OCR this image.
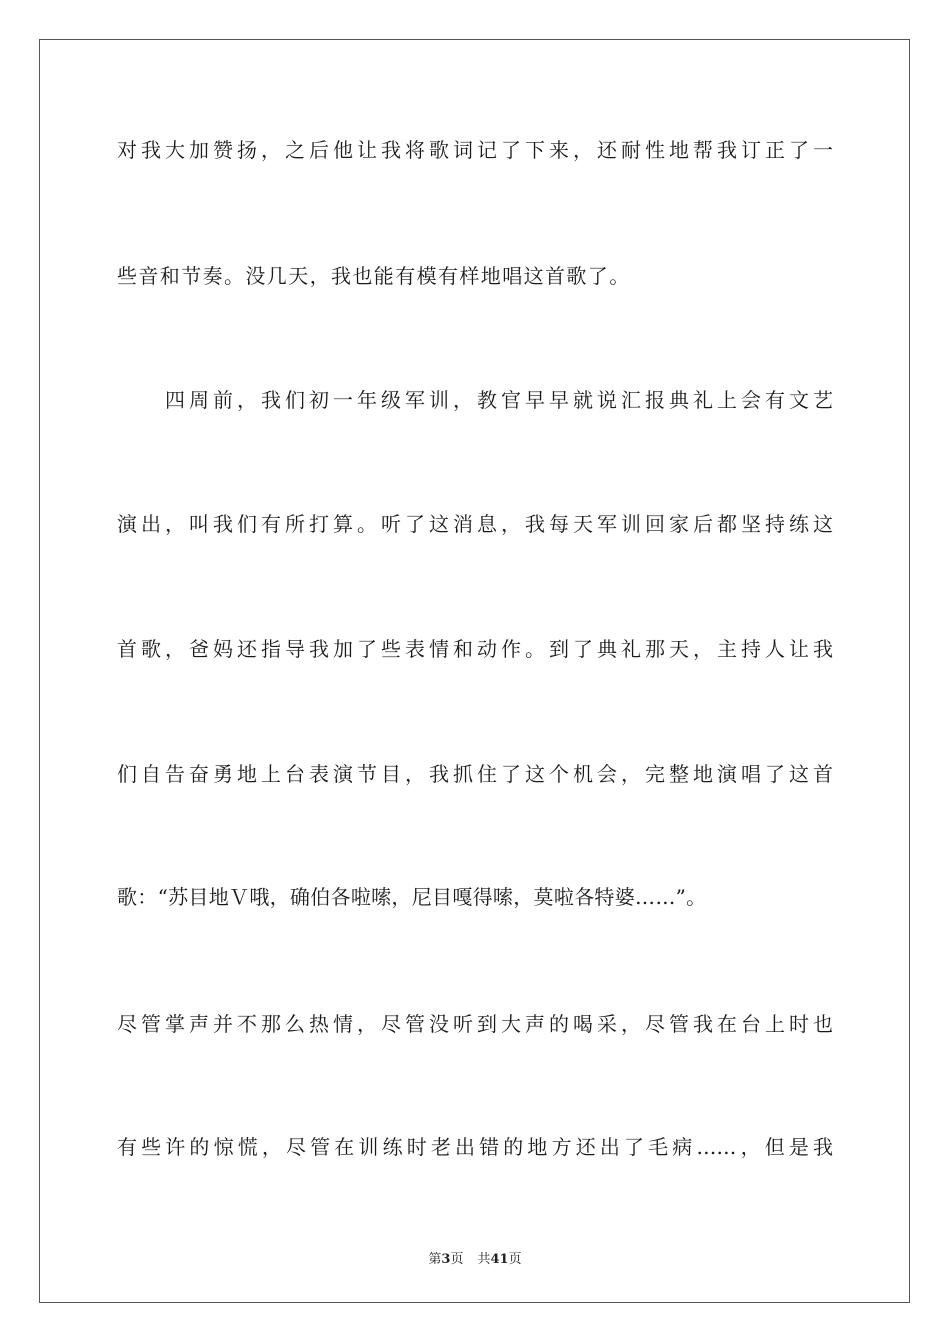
对我大加赞扬，之后他让我将歌词记了下来，还耐性地帮我订正了一
些音和节奏。没几天，我也能有模有样地唱这首歌了。
四周前，我们初一年级军训，教官早早就说汇报典礼上会有文艺
演出，叫我们有所打算。听了这消息，我每天军训回家后都坚持练这
首歌，爸妈还指导我加了些表情和动作。到了典礼那天，主持人让我
们自告奋勇地上台表演节目，我抓住了这个机会，完整地演唱了这首
歌：“苏目地Ｖ哦，确伯各啦嗦，尼目嘎得嗦，莫啦各特婆……”。
尽管掌声并不那么热情，尽管没听到大声的喝采，尽管我在台上时也
有些许的惊慌，尽管在训练时老出错的地方还出了毛病……，但是我
第3页 共41页
